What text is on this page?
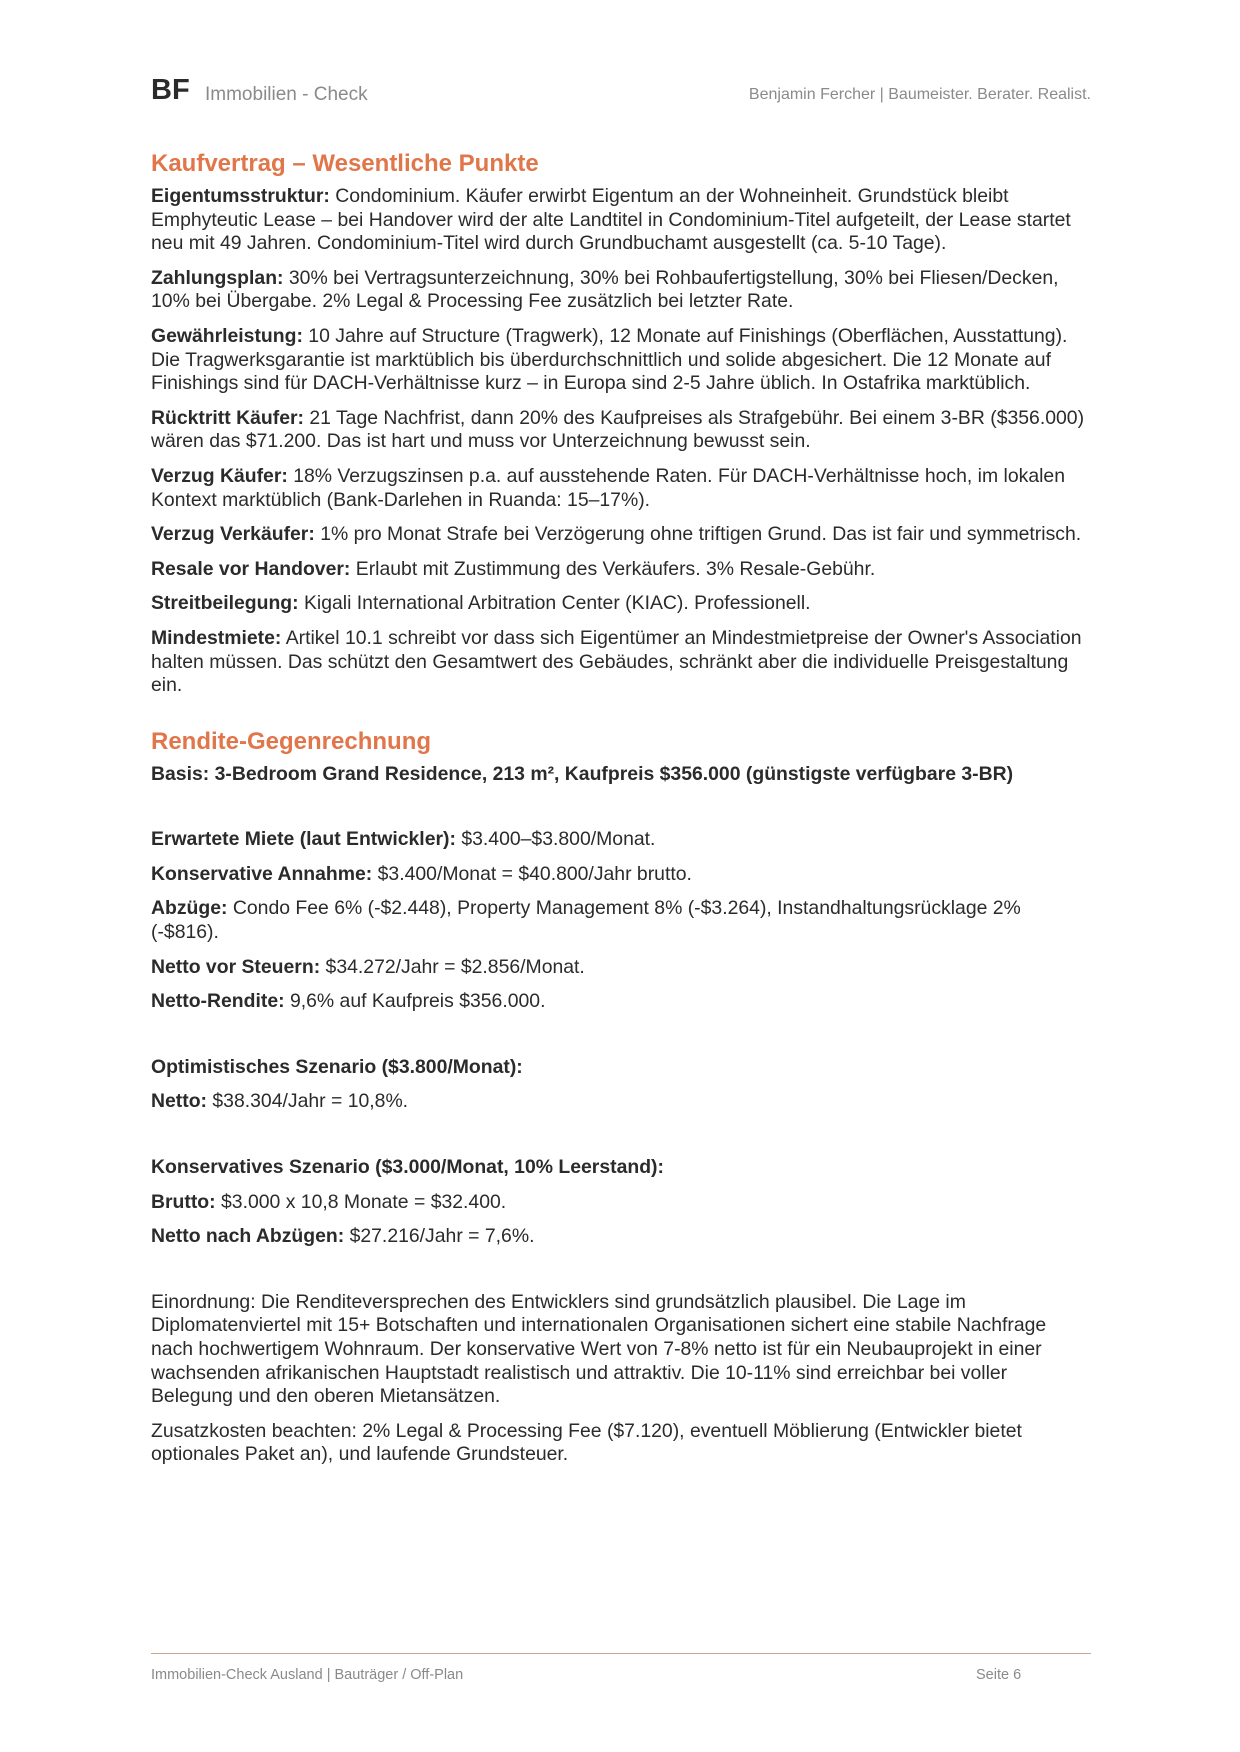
BF Immobilien - Check	Benjamin Fercher | Baumeister. Berater. Realist.
Kaufvertrag – Wesentliche Punkte

Eigentumsstruktur: Condominium. Käufer erwirbt Eigentum an der Wohneinheit. Grundstück bleibt Emphyteutic Lease – bei Handover wird der alte Landtitel in Condominium-Titel aufgeteilt, der Lease startet neu mit 49 Jahren. Condominium-Titel wird durch Grundbuchamt ausgestellt (ca. 5-10 Tage).

Zahlungsplan: 30% bei Vertragsunterzeichnung, 30% bei Rohbaufertigstellung, 30% bei Fliesen/Decken, 10% bei Übergabe. 2% Legal & Processing Fee zusätzlich bei letzter Rate.

Gewährleistung: 10 Jahre auf Structure (Tragwerk), 12 Monate auf Finishings (Oberflächen, Ausstattung). Die Tragwerksgarantie ist marktüblich bis überdurchschnittlich und solide abgesichert. Die 12 Monate auf Finishings sind für DACH-Verhältnisse kurz – in Europa sind 2-5 Jahre üblich. In Ostafrika marktüblich.

Rücktritt Käufer: 21 Tage Nachfrist, dann 20% des Kaufpreises als Strafgebühr. Bei einem 3-BR ($356.000) wären das $71.200. Das ist hart und muss vor Unterzeichnung bewusst sein.

Verzug Käufer: 18% Verzugszinsen p.a. auf ausstehende Raten. Für DACH-Verhältnisse hoch, im lokalen Kontext marktüblich (Bank-Darlehen in Ruanda: 15–17%).

Verzug Verkäufer: 1% pro Monat Strafe bei Verzögerung ohne triftigen Grund. Das ist fair und symmetrisch.

Resale vor Handover: Erlaubt mit Zustimmung des Verkäufers. 3% Resale-Gebühr.

Streitbeilegung: Kigali International Arbitration Center (KIAC). Professionell.

Mindestmiete: Artikel 10.1 schreibt vor dass sich Eigentümer an Mindestmietpreise der Owner's Association halten müssen. Das schützt den Gesamtwert des Gebäudes, schränkt aber die individuelle Preisgestaltung ein.

Rendite-Gegenrechnung

Basis: 3-Bedroom Grand Residence, 213 m², Kaufpreis $356.000 (günstigste verfügbare 3-BR)

Erwartete Miete (laut Entwickler): $3.400–$3.800/Monat.

Konservative Annahme: $3.400/Monat = $40.800/Jahr brutto.

Abzüge: Condo Fee 6% (-$2.448), Property Management 8% (-$3.264), Instandhaltungsrücklage 2% (-$816).

Netto vor Steuern: $34.272/Jahr = $2.856/Monat.

Netto-Rendite: 9,6% auf Kaufpreis $356.000.

Optimistisches Szenario ($3.800/Monat):

Netto: $38.304/Jahr = 10,8%.

Konservatives Szenario ($3.000/Monat, 10% Leerstand):

Brutto: $3.000 x 10,8 Monate = $32.400.

Netto nach Abzügen: $27.216/Jahr = 7,6%.

Einordnung: Die Renditeversprechen des Entwicklers sind grundsätzlich plausibel. Die Lage im Diplomatenviertel mit 15+ Botschaften und internationalen Organisationen sichert eine stabile Nachfrage nach hochwertigem Wohnraum. Der konservative Wert von 7-8% netto ist für ein Neubauprojekt in einer wachsenden afrikanischen Hauptstadt realistisch und attraktiv. Die 10-11% sind erreichbar bei voller Belegung und den oberen Mietansätzen.

Zusatzkosten beachten: 2% Legal & Processing Fee ($7.120), eventuell Möblierung (Entwickler bietet optionales Paket an), und laufende Grundsteuer.

Immobilien-Check Ausland | Bauträger / Off-Plan	Seite 6
